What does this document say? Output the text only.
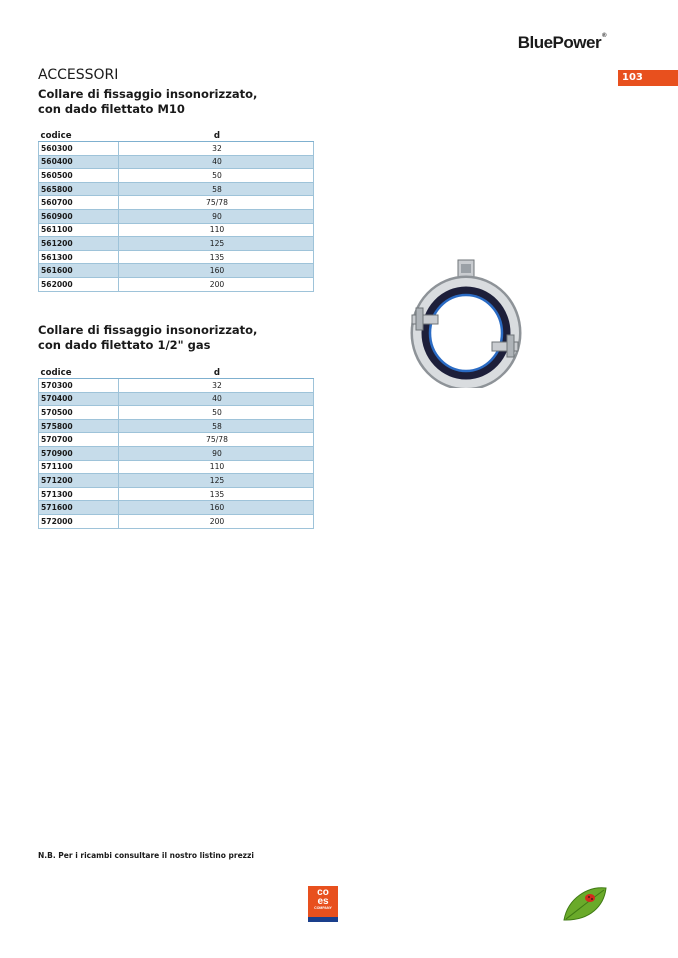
BluePower®
103
ACCESSORI
Collare di fissaggio insonorizzato,
con dado filettato M10
codice	d
560300	32
560400	40
560500	50
565800	58
560700	75/78
560900	90
561100	110
561200	125
561300	135
561600	160
562000	200
Collare di fissaggio insonorizzato,
con dado filettato 1/2" gas
codice	d
570300	32
570400	40
570500	50
575800	58
570700	75/78
570900	90
571100	110
571200	125
571300	135
571600	160
572000	200
N.B. Per i ricambi consultare il nostro listino prezzi
co
es
COMPANY
